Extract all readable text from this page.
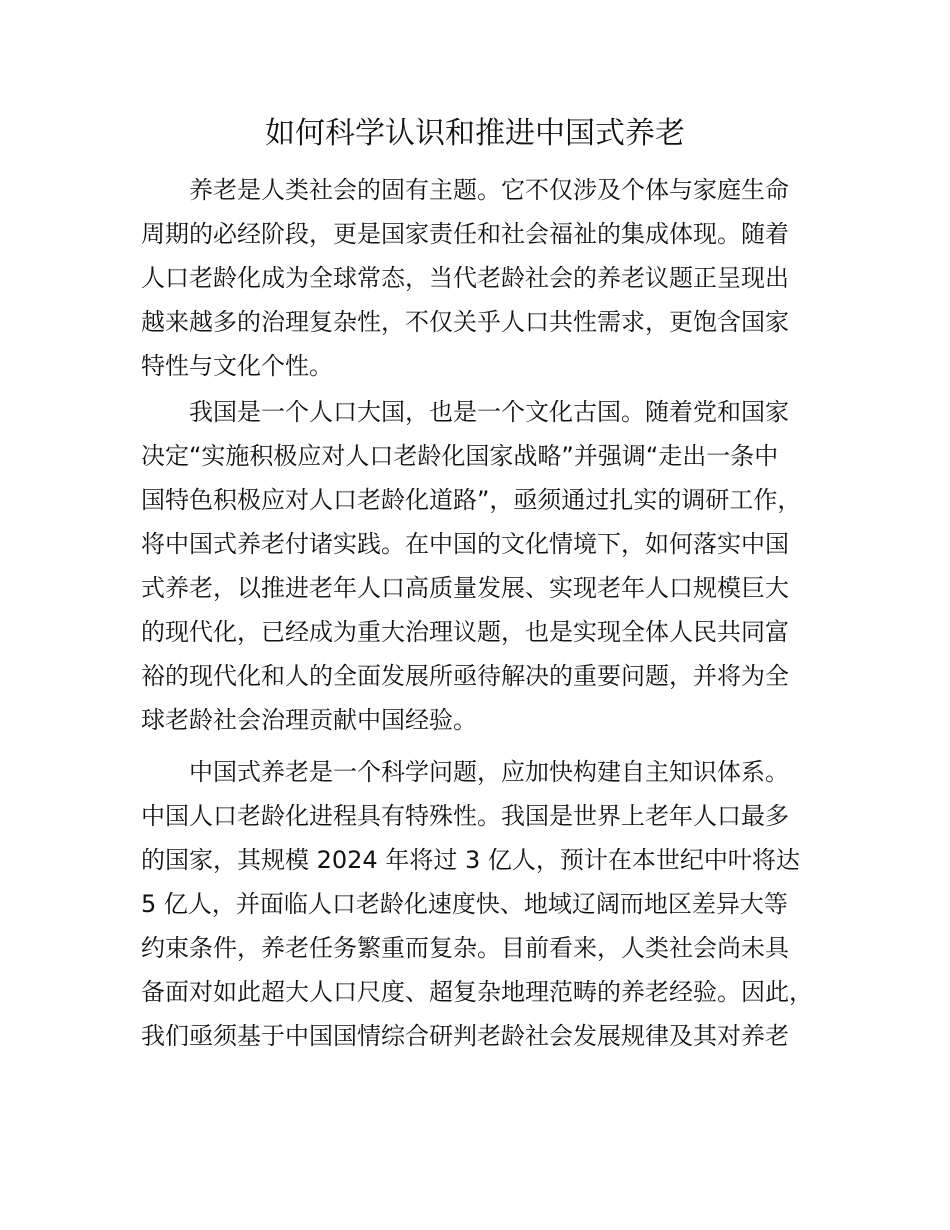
如何科学认识和推进中国式养老
养老是人类社会的固有主题。它不仅涉及个体与家庭生命
周期的必经阶段，更是国家责任和社会福祉的集成体现。随着
人口老龄化成为全球常态，当代老龄社会的养老议题正呈现出
越来越多的治理复杂性，不仅关乎人口共性需求，更饱含国家
特性与文化个性。
我国是一个人口大国，也是一个文化古国。随着党和国家
决定“实施积极应对人口老龄化国家战略”并强调“走出一条中
国特色积极应对人口老龄化道路”，亟须通过扎实的调研工作，
将中国式养老付诸实践。在中国的文化情境下，如何落实中国
式养老，以推进老年人口高质量发展、实现老年人口规模巨大
的现代化，已经成为重大治理议题，也是实现全体人民共同富
裕的现代化和人的全面发展所亟待解决的重要问题，并将为全
球老龄社会治理贡献中国经验。
中国式养老是一个科学问题，应加快构建自主知识体系。
中国人口老龄化进程具有特殊性。我国是世界上老年人口最多
的国家，其规模 2024 年将过 3 亿人，预计在本世纪中叶将达
5 亿人，并面临人口老龄化速度快、地域辽阔而地区差异大等
约束条件，养老任务繁重而复杂。目前看来，人类社会尚未具
备面对如此超大人口尺度、超复杂地理范畴的养老经验。因此，
我们亟须基于中国国情综合研判老龄社会发展规律及其对养老
